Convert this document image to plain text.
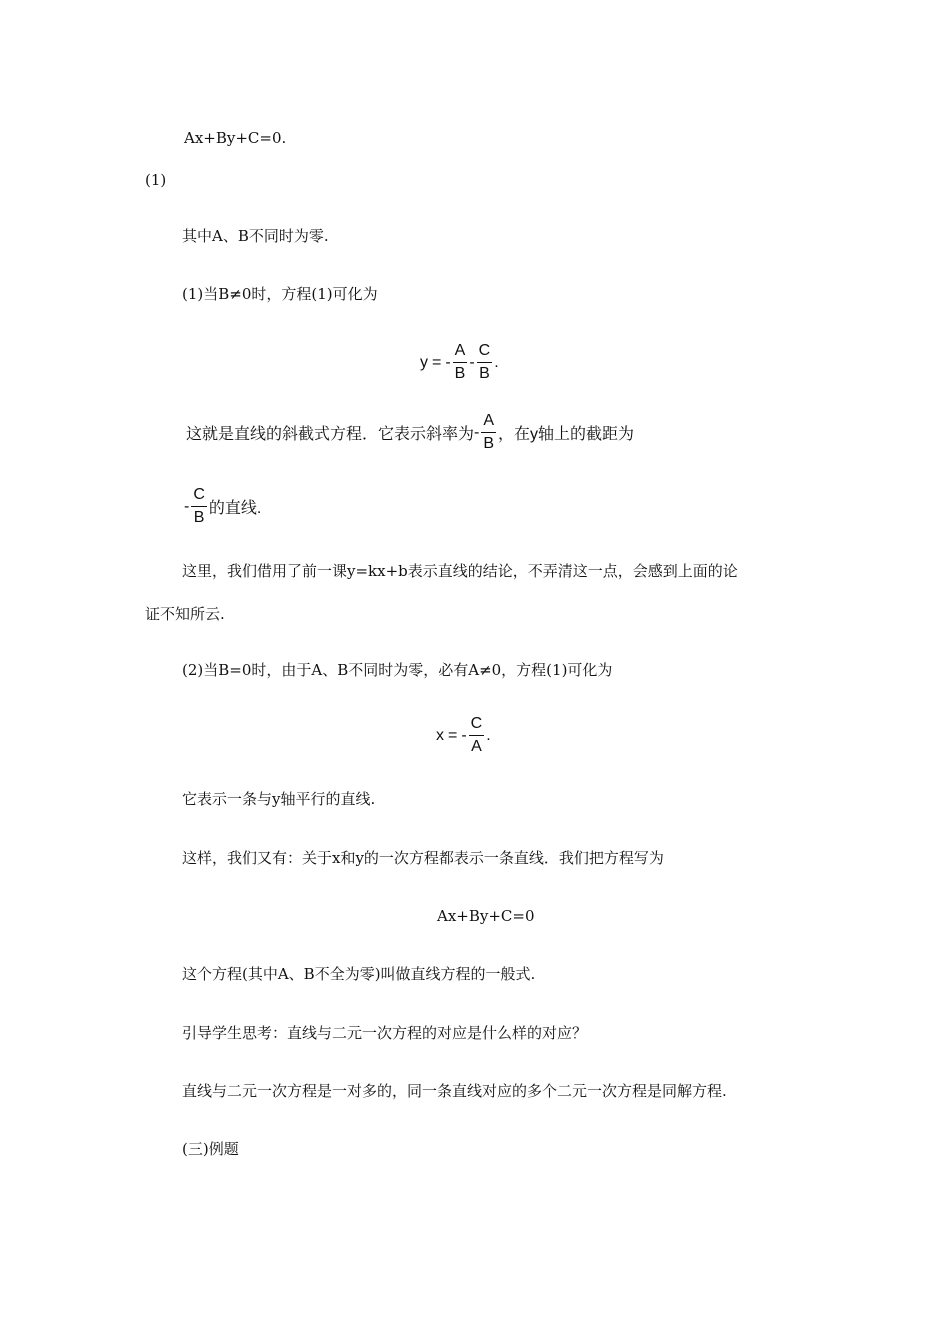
Ax+By+C=0.
(1)
其中A、B不同时为零.
(1)当B≠0时，方程(1)可化为
y = - $\frac{A}{B} - \frac{C}{B}$ .
这就是直线的斜截式方程．它表示斜率为 - $\frac{A}{B}$ ，在y轴上的截距为
- $\frac{C}{B}$ 的直线.
这里，我们借用了前一课y=kx+b表示直线的结论，不弄清这一点，会感到上面的论
证不知所云.
(2)当B=0时，由于A、B不同时为零，必有A≠0，方程(1)可化为
x = - $\frac{C}{A}$ .
它表示一条与y轴平行的直线.
这样，我们又有：关于x和y的一次方程都表示一条直线．我们把方程写为
Ax+By+C=0
这个方程(其中A、B不全为零)叫做直线方程的一般式.
引导学生思考：直线与二元一次方程的对应是什么样的对应？
直线与二元一次方程是一对多的，同一条直线对应的多个二元一次方程是同解方程.
(三)例题
